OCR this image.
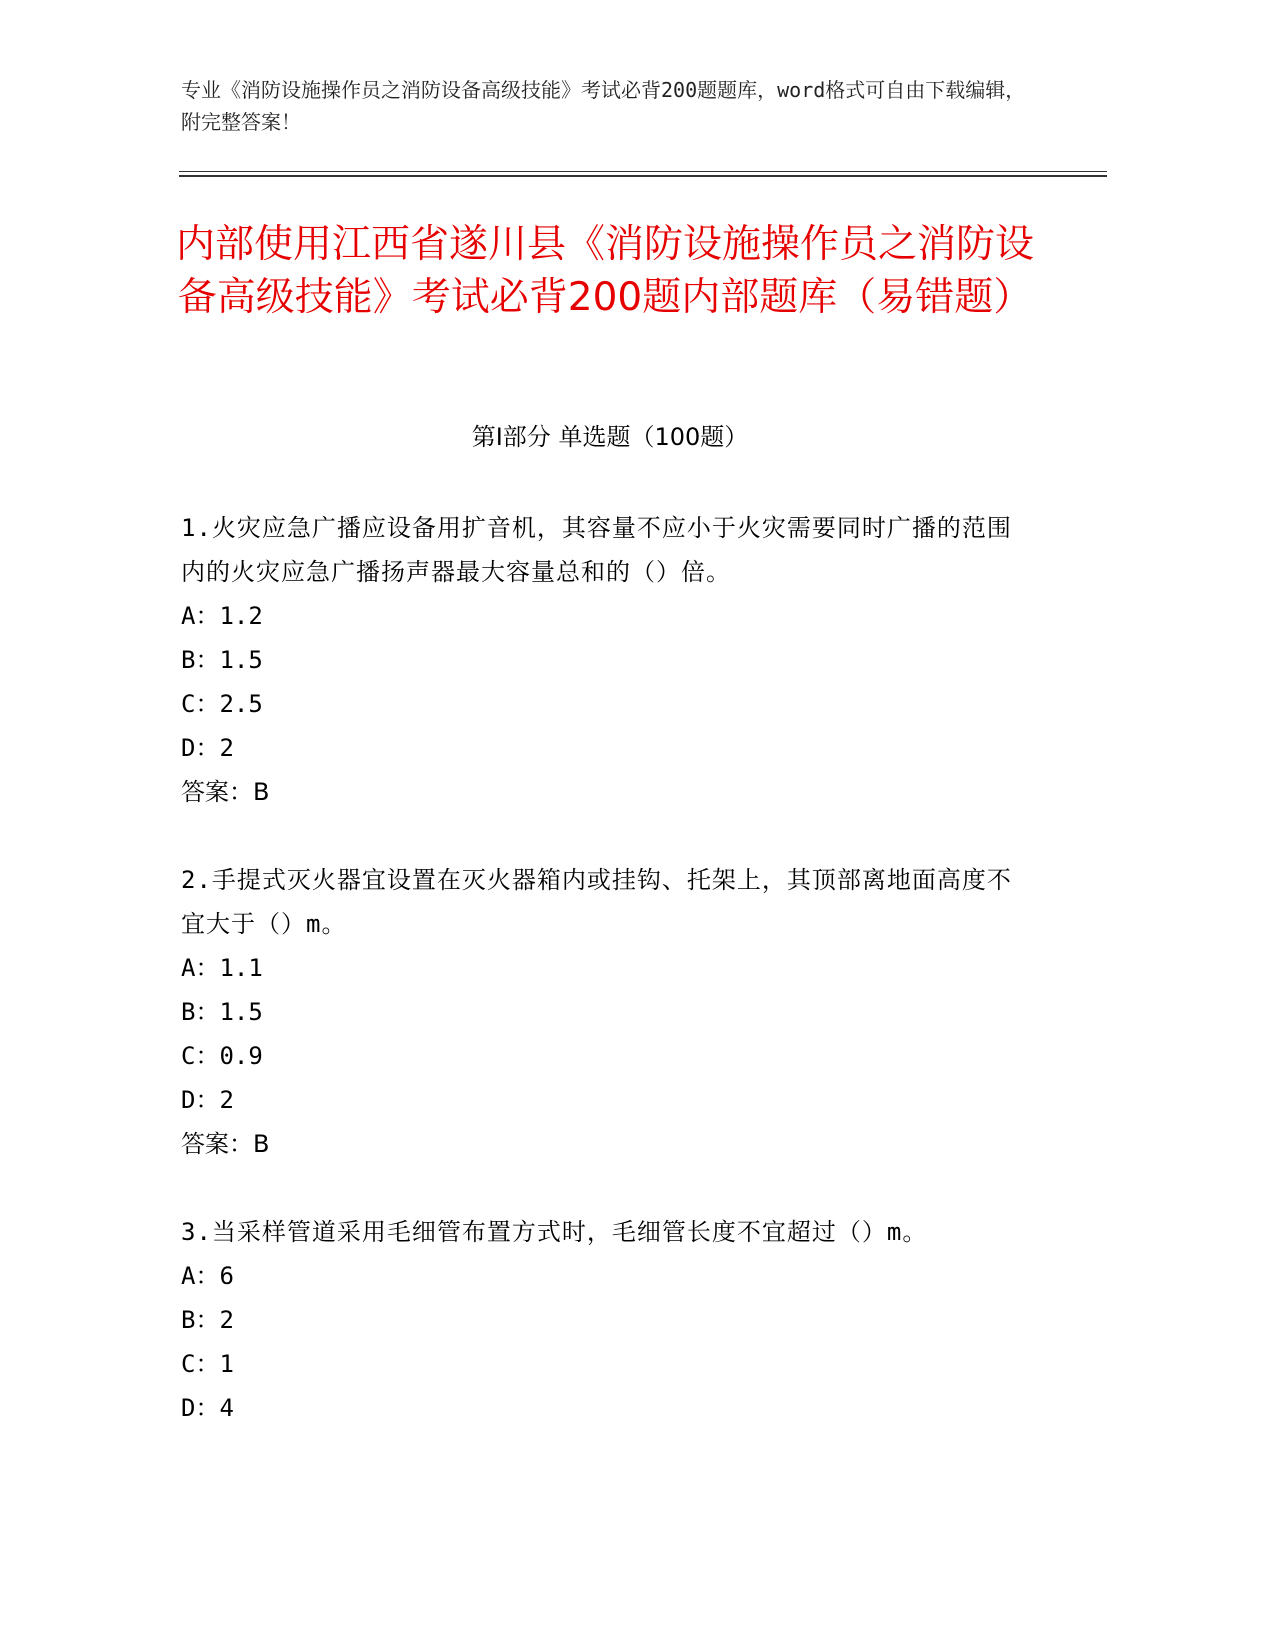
专业《消防设施操作员之消防设备高级技能》考试必背200题题库，word格式可自由下载编辑，附完整答案！
内部使用江西省遂川县《消防设施操作员之消防设备高级技能》考试必背200题内部题库（易错题）
第Ⅰ部分 单选题（100题）

1.火灾应急广播应设备用扩音机，其容量不应小于火灾需要同时广播的范围内的火灾应急广播扬声器最大容量总和的（）倍。

A：1.2

B：1.5

C：2.5

D：2

答案：B

2.手提式灭火器宜设置在灭火器箱内或挂钩、托架上，其顶部离地面高度不宜大于（）m。

A：1.1

B：1.5

C：0.9

D：2

答案：B

3.当采样管道采用毛细管布置方式时，毛细管长度不宜超过（）m。

A：6

B：2

C：1

D：4
